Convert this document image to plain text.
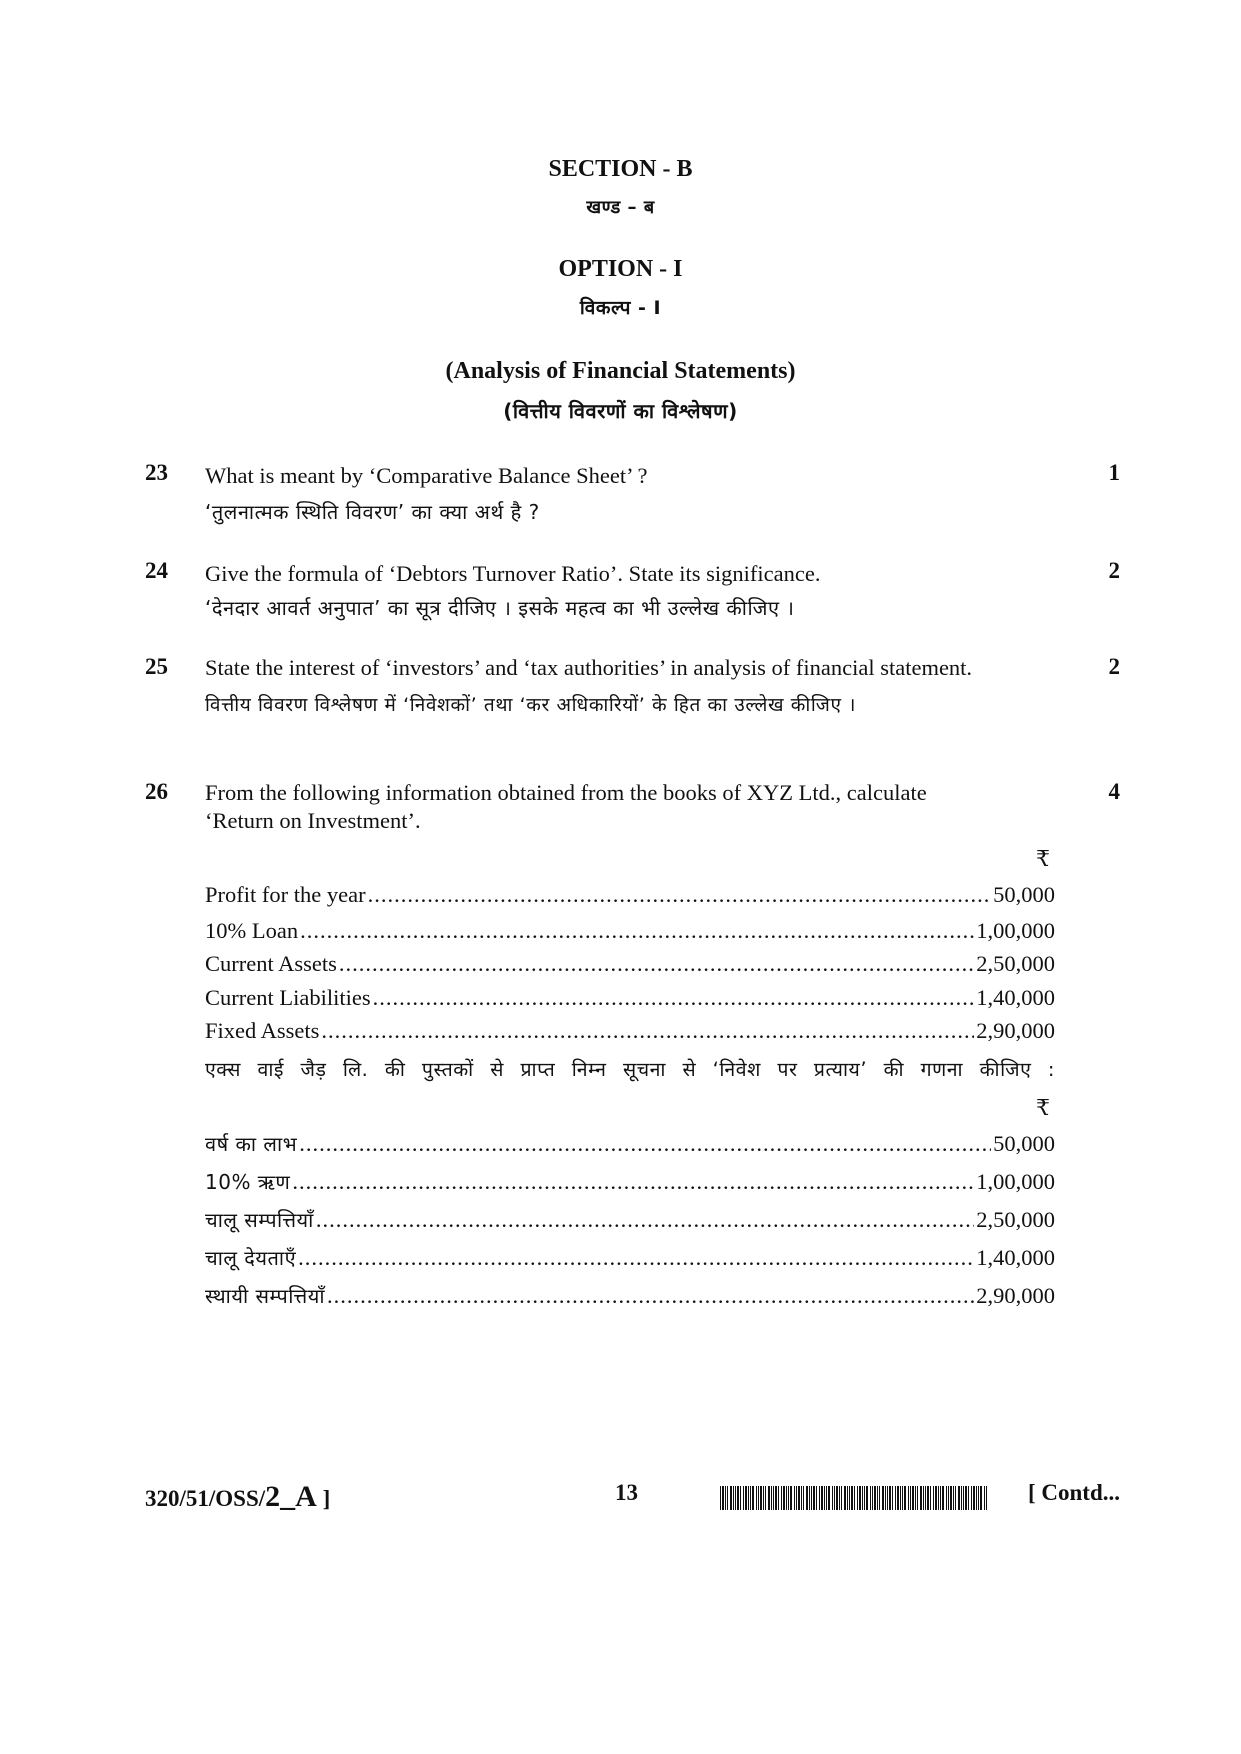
SECTION - B
खण्ड – ब
OPTION - I
विकल्प - I
(Analysis of Financial Statements)
(वित्तीय विवरणों का विश्लेषण)
23 What is meant by ‘Comparative Balance Sheet’ ?
‘तुलनात्मक स्थिति विवरण’ का क्या अर्थ है ?
1
24 Give the formula of ‘Debtors Turnover Ratio’. State its significance.
‘देनदार आवर्त अनुपात’ का सूत्र दीजिए । इसके महत्व का भी उल्लेख कीजिए ।
2
25 State the interest of ‘investors’ and ‘tax authorities’ in analysis of financial statement.
वित्तीय विवरण विश्लेषण में ‘निवेशकों’ तथा ‘कर अधिकारियों’ के हित का उल्लेख कीजिए ।
2
26 From the following information obtained from the books of XYZ Ltd., calculate ‘Return on Investment’.
₹
Profit for the year .....	50,000
10% Loan .....	1,00,000
Current Assets .....	2,50,000
Current Liabilities .....	1,40,000
Fixed Assets .....	2,90,000
एक्स वाई जैड़ लि. की पुस्तकों से प्राप्त निम्न सूचना से ‘निवेश पर प्रत्याय’ की गणना कीजिए :
₹
वर्ष का लाभ .....	50,000
10% ऋण .....	1,00,000
चालू सम्पत्तियाँ .....	2,50,000
चालू देयताएँ .....	1,40,000
स्थायी सम्पत्तियाँ .....	2,90,000
4
320/51/OSS/2_A ]	13	[ Contd...
